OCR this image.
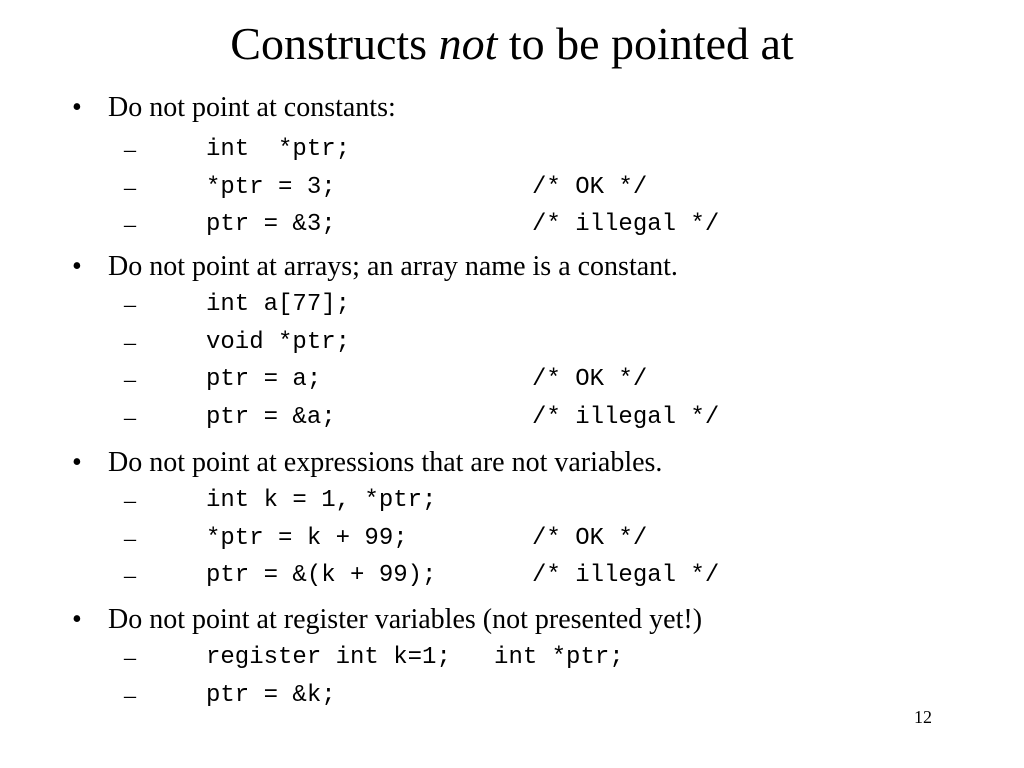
Constructs not to be pointed at
• Do not point at constants:
–	int  *ptr;
–	*ptr = 3;	/* OK */
–	ptr = &3;	/* illegal */
• Do not point at arrays; an array name is a constant.
–	int a[77];
–	void *ptr;
–	ptr = a;	/* OK */
–	ptr = &a;	/* illegal */
• Do not point at expressions that are not variables.
–	int k = 1, *ptr;
–	*ptr = k + 99;	/* OK */
–	ptr = &(k + 99);	/* illegal */
• Do not point at register variables (not presented yet!)
–	register int k=1;   int *ptr;
–	ptr = &k;
12
